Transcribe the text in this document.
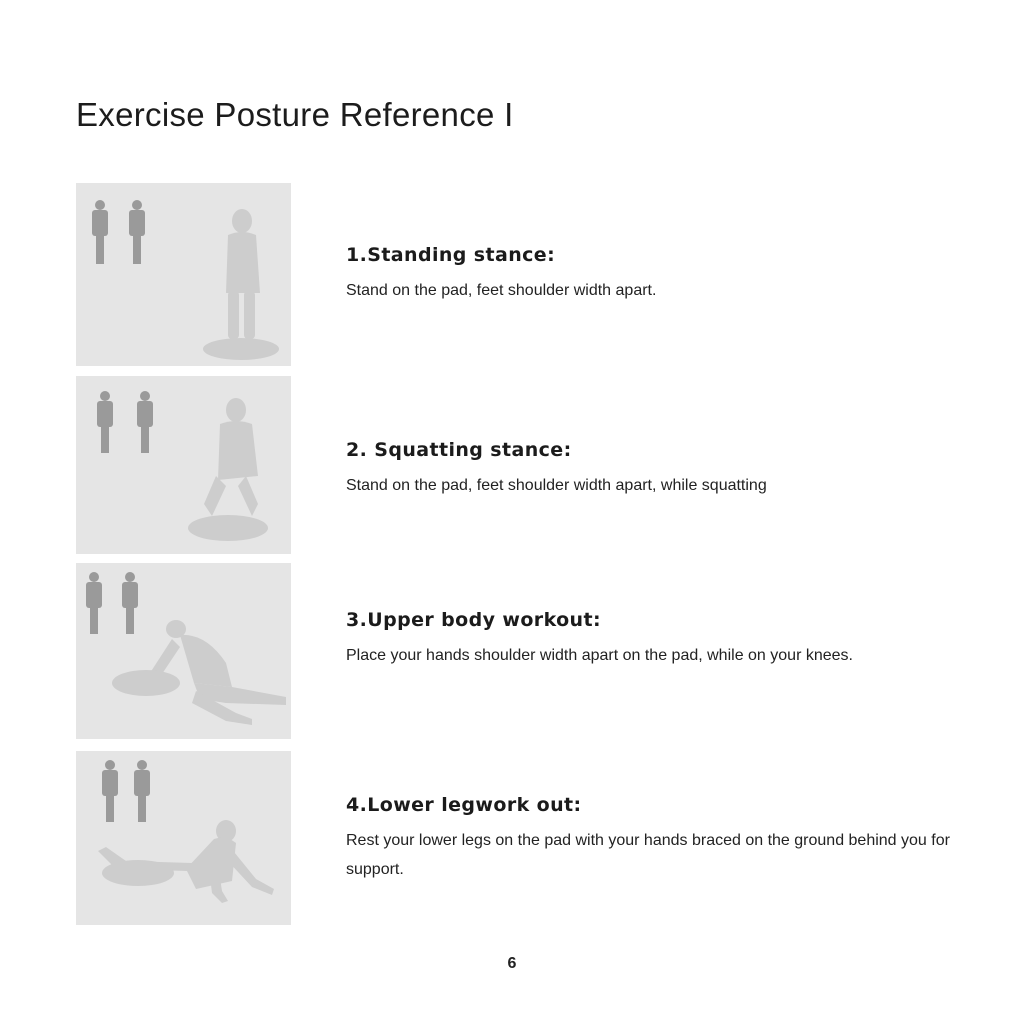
Exercise Posture Reference I

1.Standing stance:

Stand on the pad, feet shoulder width apart.

2. Squatting stance:

Stand on the pad, feet shoulder width apart, while squatting

3.Upper body workout:

Place your hands shoulder width apart on the pad, while on your knees.

4.Lower legwork out:

Rest your lower legs on the pad with your hands braced on the ground behind you for support.

6
